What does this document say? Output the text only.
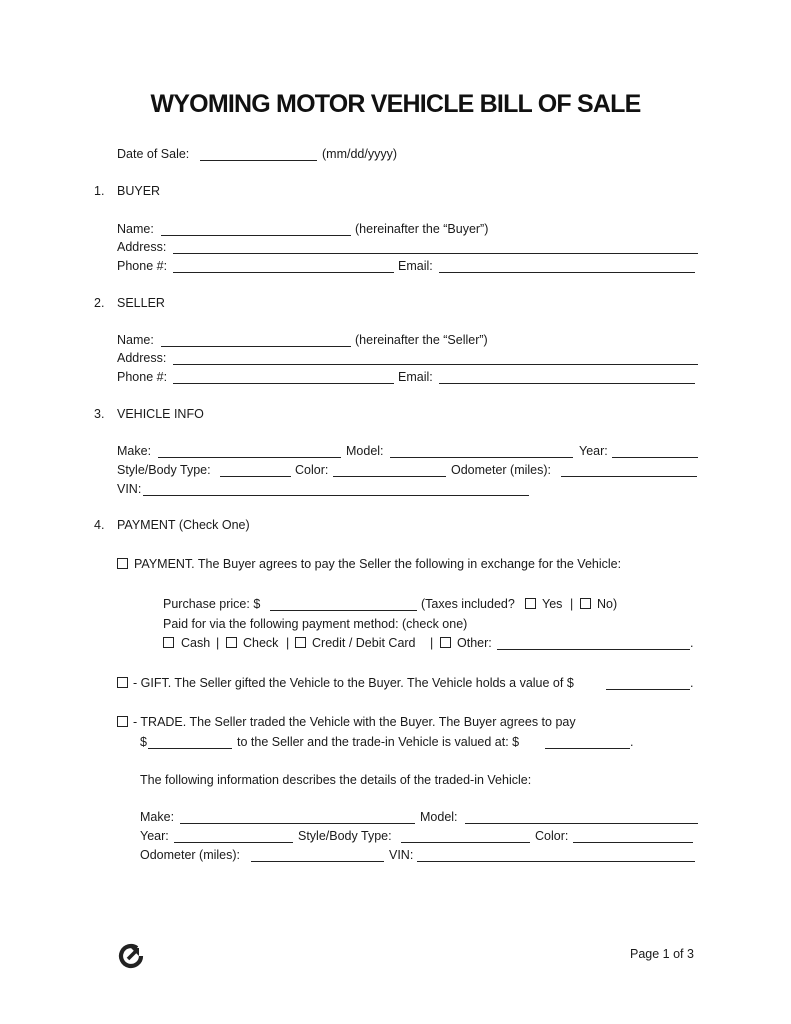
WYOMING MOTOR VEHICLE BILL OF SALE
Date of Sale:	(mm/dd/yyyy)
1. BUYER
Name:	(hereinafter the “Buyer”)
Address:
Phone #:	Email:
2. SELLER
Name:	(hereinafter the “Seller”)
Address:
Phone #:	Email:
3. VEHICLE INFO
Make:	Model:	Year:
Style/Body Type:	Color:	Odometer (miles):
VIN:
4. PAYMENT (Check One)
PAYMENT. The Buyer agrees to pay the Seller the following in exchange for the Vehicle:
Purchase price: $	(Taxes included? Yes | No)
Paid for via the following payment method: (check one)
Cash | Check | Credit / Debit Card | Other:	.
- GIFT. The Seller gifted the Vehicle to the Buyer. The Vehicle holds a value of $	.
- TRADE. The Seller traded the Vehicle with the Buyer. The Buyer agrees to pay
$	to the Seller and the trade-in Vehicle is valued at: $	.
The following information describes the details of the traded-in Vehicle:
Make:	Model:
Year:	Style/Body Type:	Color:
Odometer (miles):	VIN:
Page 1 of 3
